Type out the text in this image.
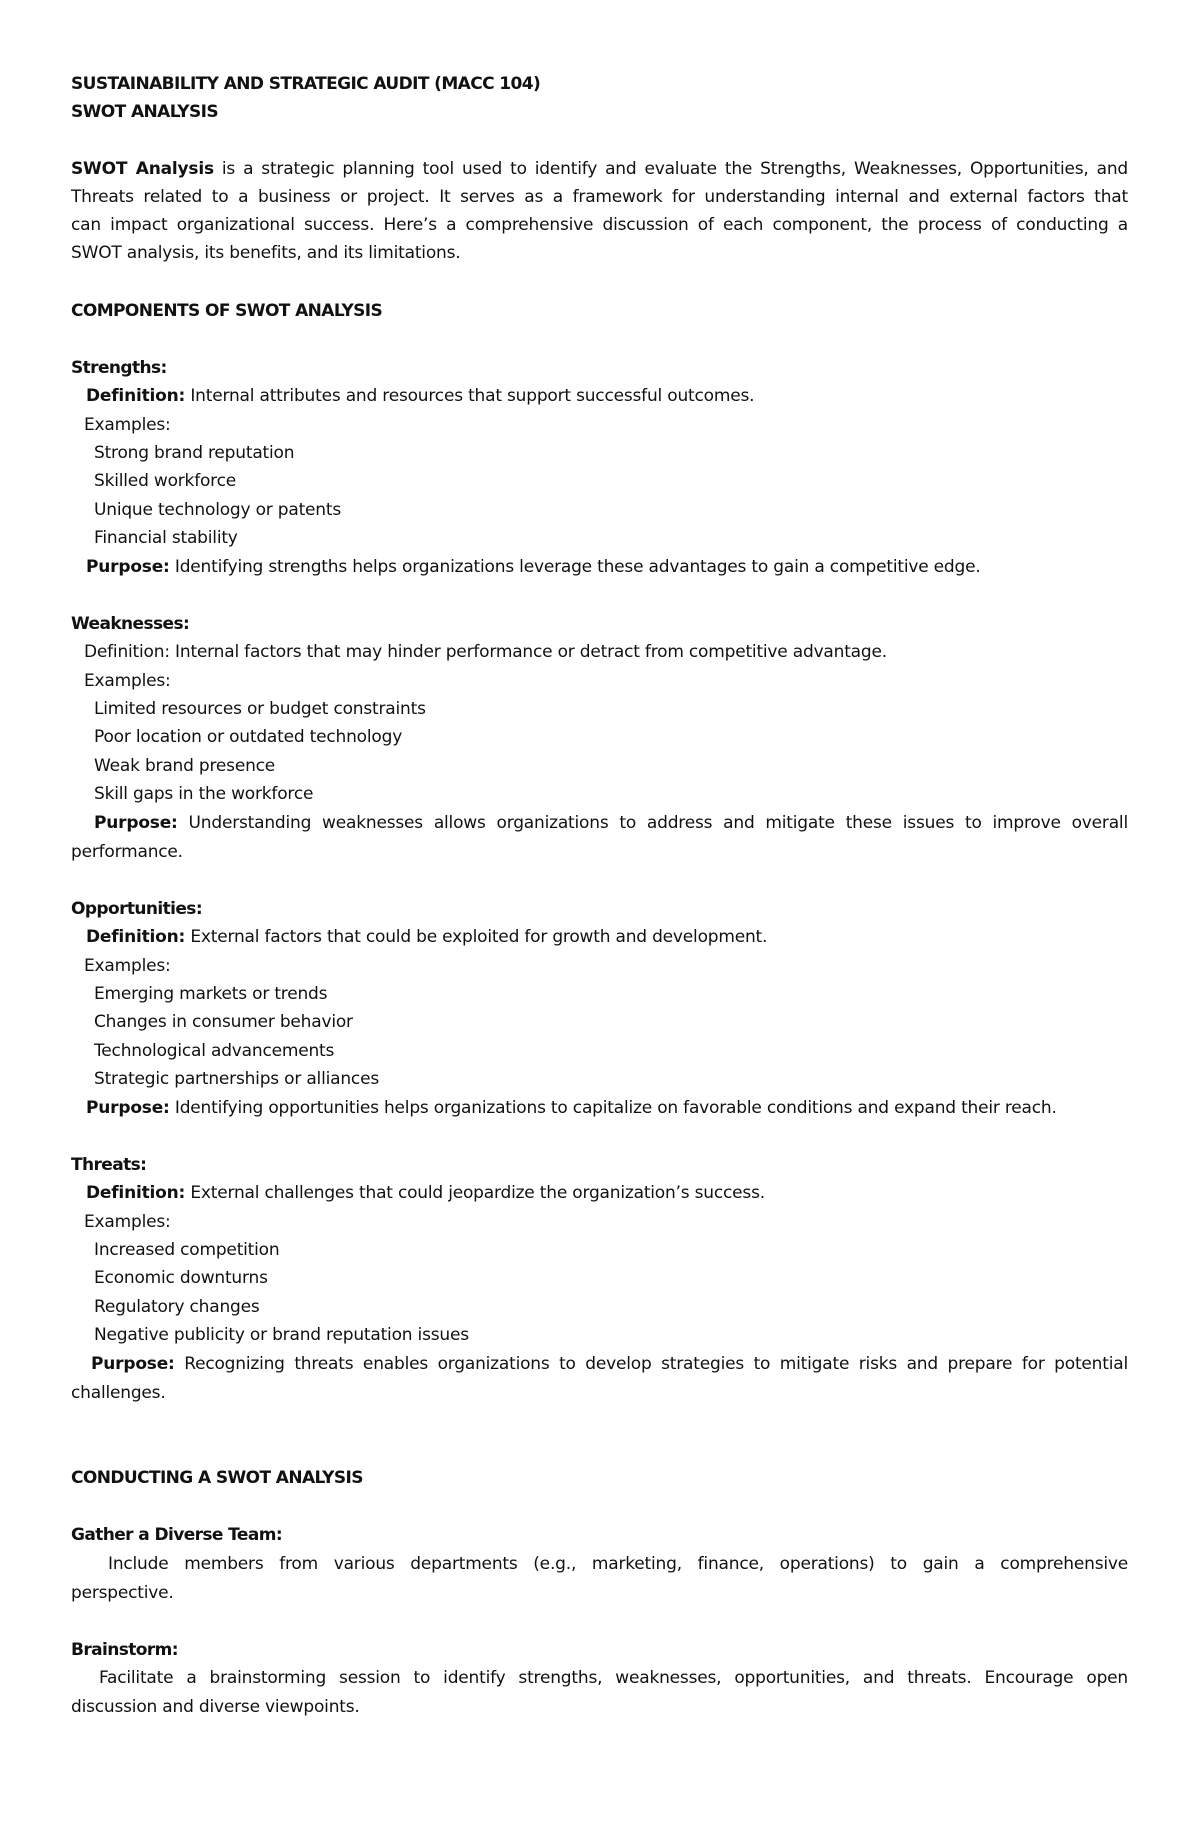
SUSTAINABILITY AND STRATEGIC AUDIT (MACC 104)
SWOT ANALYSIS
SWOT Analysis is a strategic planning tool used to identify and evaluate the Strengths, Weaknesses, Opportunities, and
Threats related to a business or project. It serves as a framework for understanding internal and external factors that
can impact organizational success. Here’s a comprehensive discussion of each component, the process of conducting a
SWOT analysis, its benefits, and its limitations.
COMPONENTS OF SWOT ANALYSIS
Strengths:
Definition: Internal attributes and resources that support successful outcomes.
Examples:
Strong brand reputation
Skilled workforce
Unique technology or patents
Financial stability
Purpose: Identifying strengths helps organizations leverage these advantages to gain a competitive edge.
Weaknesses:
Definition: Internal factors that may hinder performance or detract from competitive advantage.
Examples:
Limited resources or budget constraints
Poor location or outdated technology
Weak brand presence
Skill gaps in the workforce
Purpose: Understanding weaknesses allows organizations to address and mitigate these issues to improve overall
performance.
Opportunities:
Definition: External factors that could be exploited for growth and development.
Examples:
Emerging markets or trends
Changes in consumer behavior
Technological advancements
Strategic partnerships or alliances
Purpose: Identifying opportunities helps organizations to capitalize on favorable conditions and expand their reach.
Threats:
Definition: External challenges that could jeopardize the organization’s success.
Examples:
Increased competition
Economic downturns
Regulatory changes
Negative publicity or brand reputation issues
Purpose: Recognizing threats enables organizations to develop strategies to mitigate risks and prepare for potential
challenges.
CONDUCTING A SWOT ANALYSIS
Gather a Diverse Team:
Include members from various departments (e.g., marketing, finance, operations) to gain a comprehensive
perspective.
Brainstorm:
Facilitate a brainstorming session to identify strengths, weaknesses, opportunities, and threats. Encourage open
discussion and diverse viewpoints.
